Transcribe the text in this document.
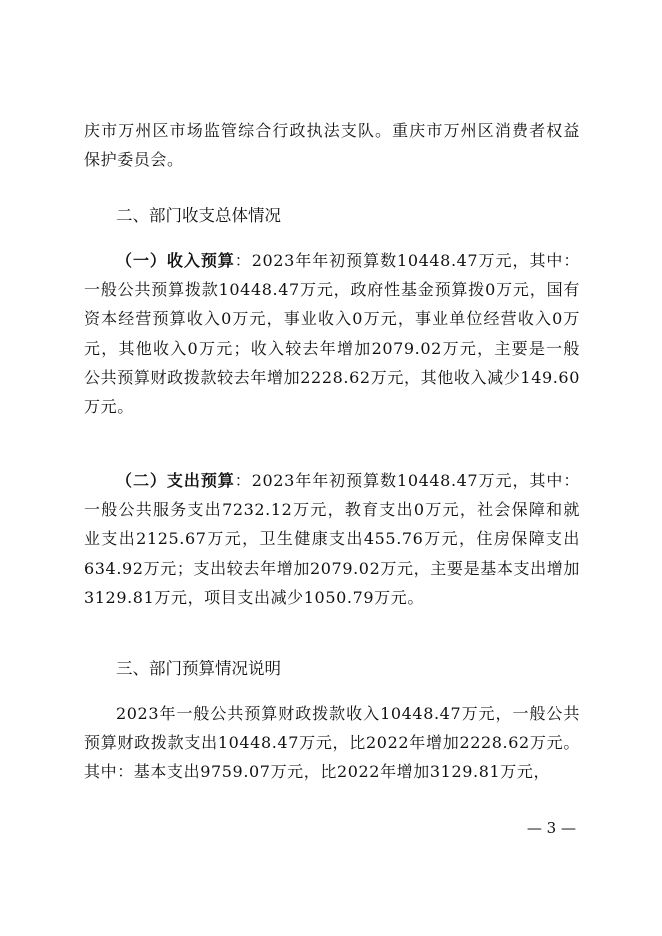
庆市万州区市场监管综合行政执法支队。重庆市万州区消费者权益保护委员会。

二、部门收支总体情况

（一）收入预算：2023年年初预算数10448.47万元，其中：一般公共预算拨款10448.47万元，政府性基金预算拨0万元，国有资本经营预算收入0万元，事业收入0万元，事业单位经营收入0万元，其他收入0万元；收入较去年增加2079.02万元，主要是一般公共预算财政拨款较去年增加2228.62万元，其他收入减少149.60万元。

（二）支出预算：2023年年初预算数10448.47万元，其中：一般公共服务支出7232.12万元，教育支出0万元，社会保障和就业支出2125.67万元，卫生健康支出455.76万元，住房保障支出634.92万元；支出较去年增加2079.02万元，主要是基本支出增加3129.81万元，项目支出减少1050.79万元。

三、部门预算情况说明

2023年一般公共预算财政拨款收入10448.47万元，一般公共预算财政拨款支出10448.47万元，比2022年增加2228.62万元。其中：基本支出9759.07万元，比2022年增加3129.81万元，

— 3 —
